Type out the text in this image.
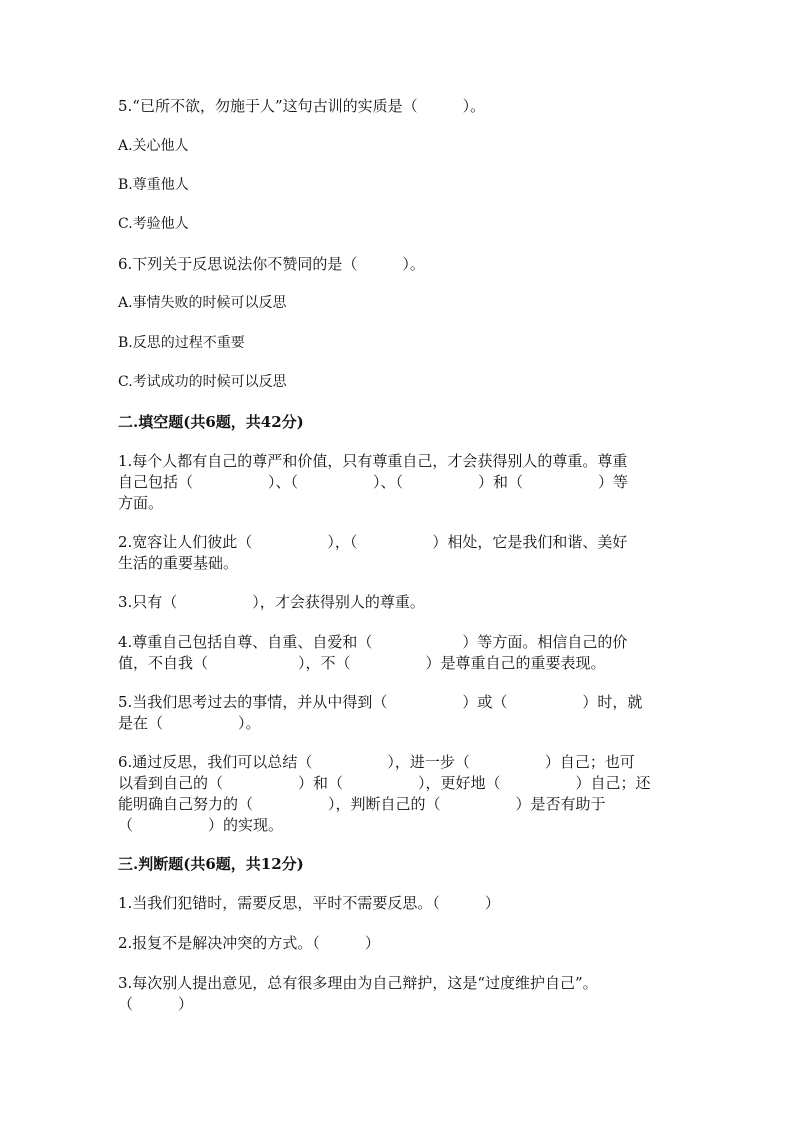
5.“已所不欲，勿施于人”这句古训的实质是（　　　）。
A.关心他人
B.尊重他人
C.考验他人
6.下列关于反思说法你不赞同的是（　　　）。
A.事情失败的时候可以反思
B.反思的过程不重要
C.考试成功的时候可以反思
二.填空题(共6题，共42分)
1.每个人都有自己的尊严和价值，只有尊重自己，才会获得别人的尊重。尊重
自己包括（　　　　　）、（　　　　　）、（　　　　　）和（　　　　　）等
方面。
2.宽容让人们彼此（　　　　　），（　　　　　）相处，它是我们和谐、美好
生活的重要基础。
3.只有（　　　　　），才会获得别人的尊重。
4.尊重自己包括自尊、自重、自爱和（　　　　　　）等方面。相信自己的价
值，不自我（　　　　　　），不（　　　　　）是尊重自己的重要表现。
5.当我们思考过去的事情，并从中得到（　　　　　）或（　　　　　）时，就
是在（　　　　　）。
6.通过反思，我们可以总结（　　　　　），进一步（　　　　　）自己；也可
以看到自己的（　　　　　）和（　　　　　），更好地（　　　　　）自己；还
能明确自己努力的（　　　　　），判断自己的（　　　　　）是否有助于
（　　　　　）的实现。
三.判断题(共6题，共12分)
1.当我们犯错时，需要反思，平时不需要反思。（　　　）
2.报复不是解决冲突的方式。（　　　）
3.每次别人提出意见，总有很多理由为自己辩护，这是“过度维护自己”。
（　　　）
